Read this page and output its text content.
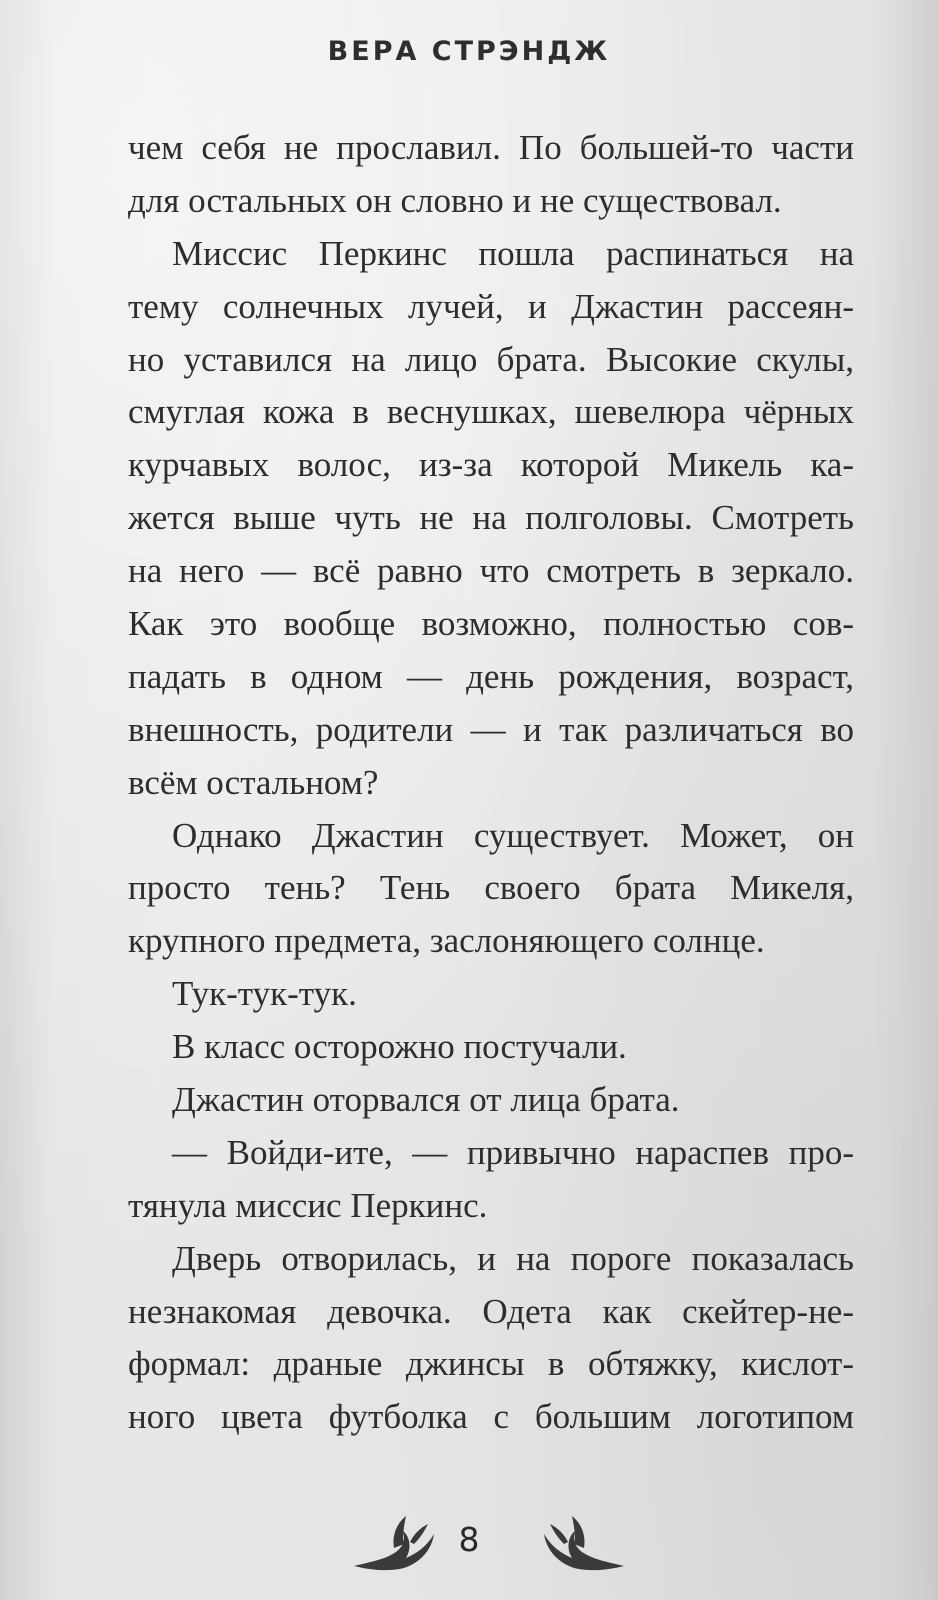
ВЕРА СТРЭНДЖ
чем себя не прославил. По большей-то части
для остальных он словно и не существовал.
Миссис Перкинс пошла распинаться на
тему солнечных лучей, и Джастин рассеян-
но уставился на лицо брата. Высокие скулы,
смуглая кожа в веснушках, шевелюра чёрных
курчавых волос, из-за которой Микель ка-
жется выше чуть не на полголовы. Смотреть
на него — всё равно что смотреть в зеркало.
Как это вообще возможно, полностью сов-
падать в одном — день рождения, возраст,
внешность, родители — и так различаться во
всём остальном?
Однако Джастин существует. Может, он
просто тень? Тень своего брата Микеля,
крупного предмета, заслоняющего солнце.
Тук-тук-тук.
В класс осторожно постучали.
Джастин оторвался от лица брата.
— Войди-ите, — привычно нараспев про-
тянула миссис Перкинс.
Дверь отворилась, и на пороге показалась
незнакомая девочка. Одета как скейтер-не-
формал: драные джинсы в обтяжку, кислот-
ного цвета футболка с большим логотипом
8
